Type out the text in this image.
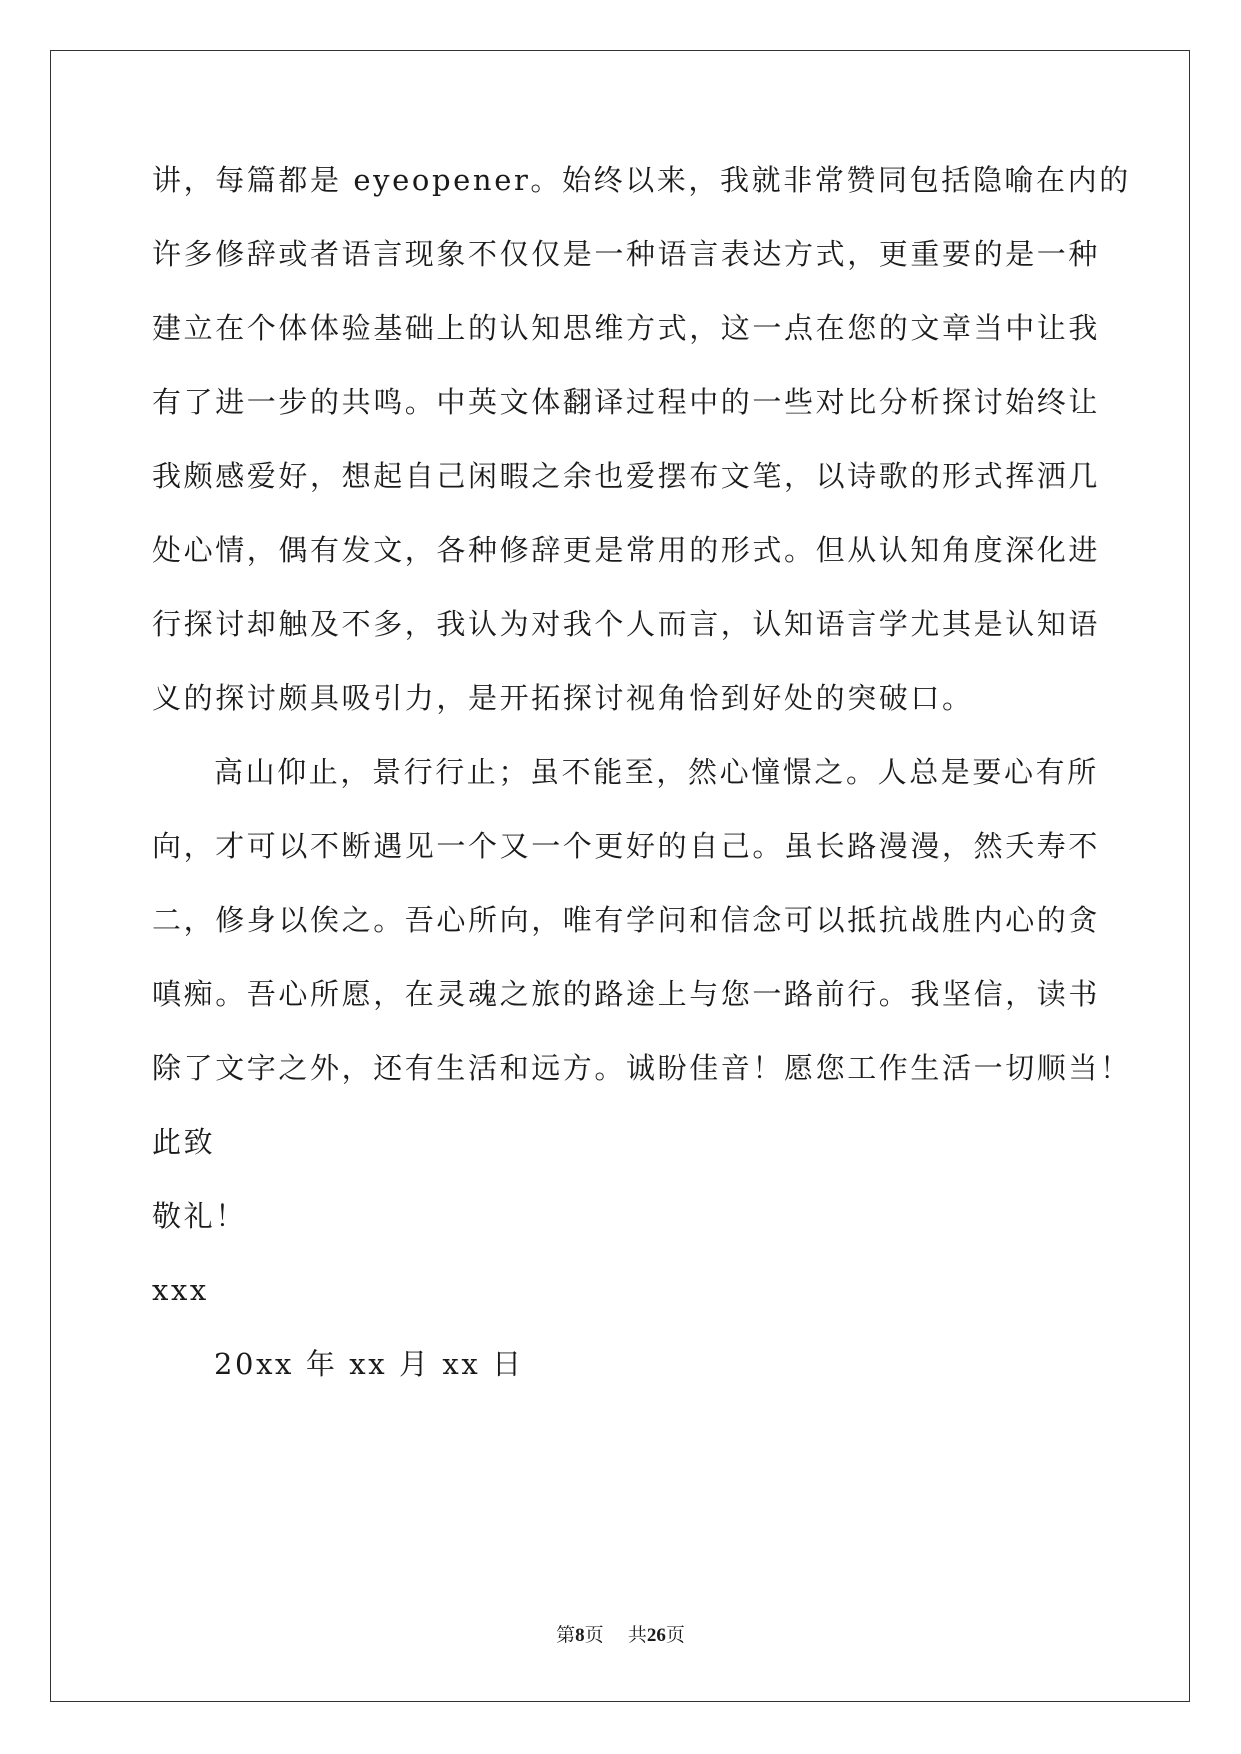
讲，每篇都是 eyeopener。始终以来，我就非常赞同包括隐喻在内的
许多修辞或者语言现象不仅仅是一种语言表达方式，更重要的是一种
建立在个体体验基础上的认知思维方式，这一点在您的文章当中让我
有了进一步的共鸣。中英文体翻译过程中的一些对比分析探讨始终让
我颇感爱好，想起自己闲暇之余也爱摆布文笔，以诗歌的形式挥洒几
处心情，偶有发文，各种修辞更是常用的形式。但从认知角度深化进
行探讨却触及不多，我认为对我个人而言，认知语言学尤其是认知语
义的探讨颇具吸引力，是开拓探讨视角恰到好处的突破口。
高山仰止，景行行止；虽不能至，然心憧憬之。人总是要心有所
向，才可以不断遇见一个又一个更好的自己。虽长路漫漫，然夭寿不
二，修身以俟之。吾心所向，唯有学问和信念可以抵抗战胜内心的贪
嗔痴。吾心所愿，在灵魂之旅的路途上与您一路前行。我坚信，读书
除了文字之外，还有生活和远方。诚盼佳音！愿您工作生活一切顺当！
此致
敬礼！
xxx
20xx 年 xx 月 xx 日
第8页 共26页
